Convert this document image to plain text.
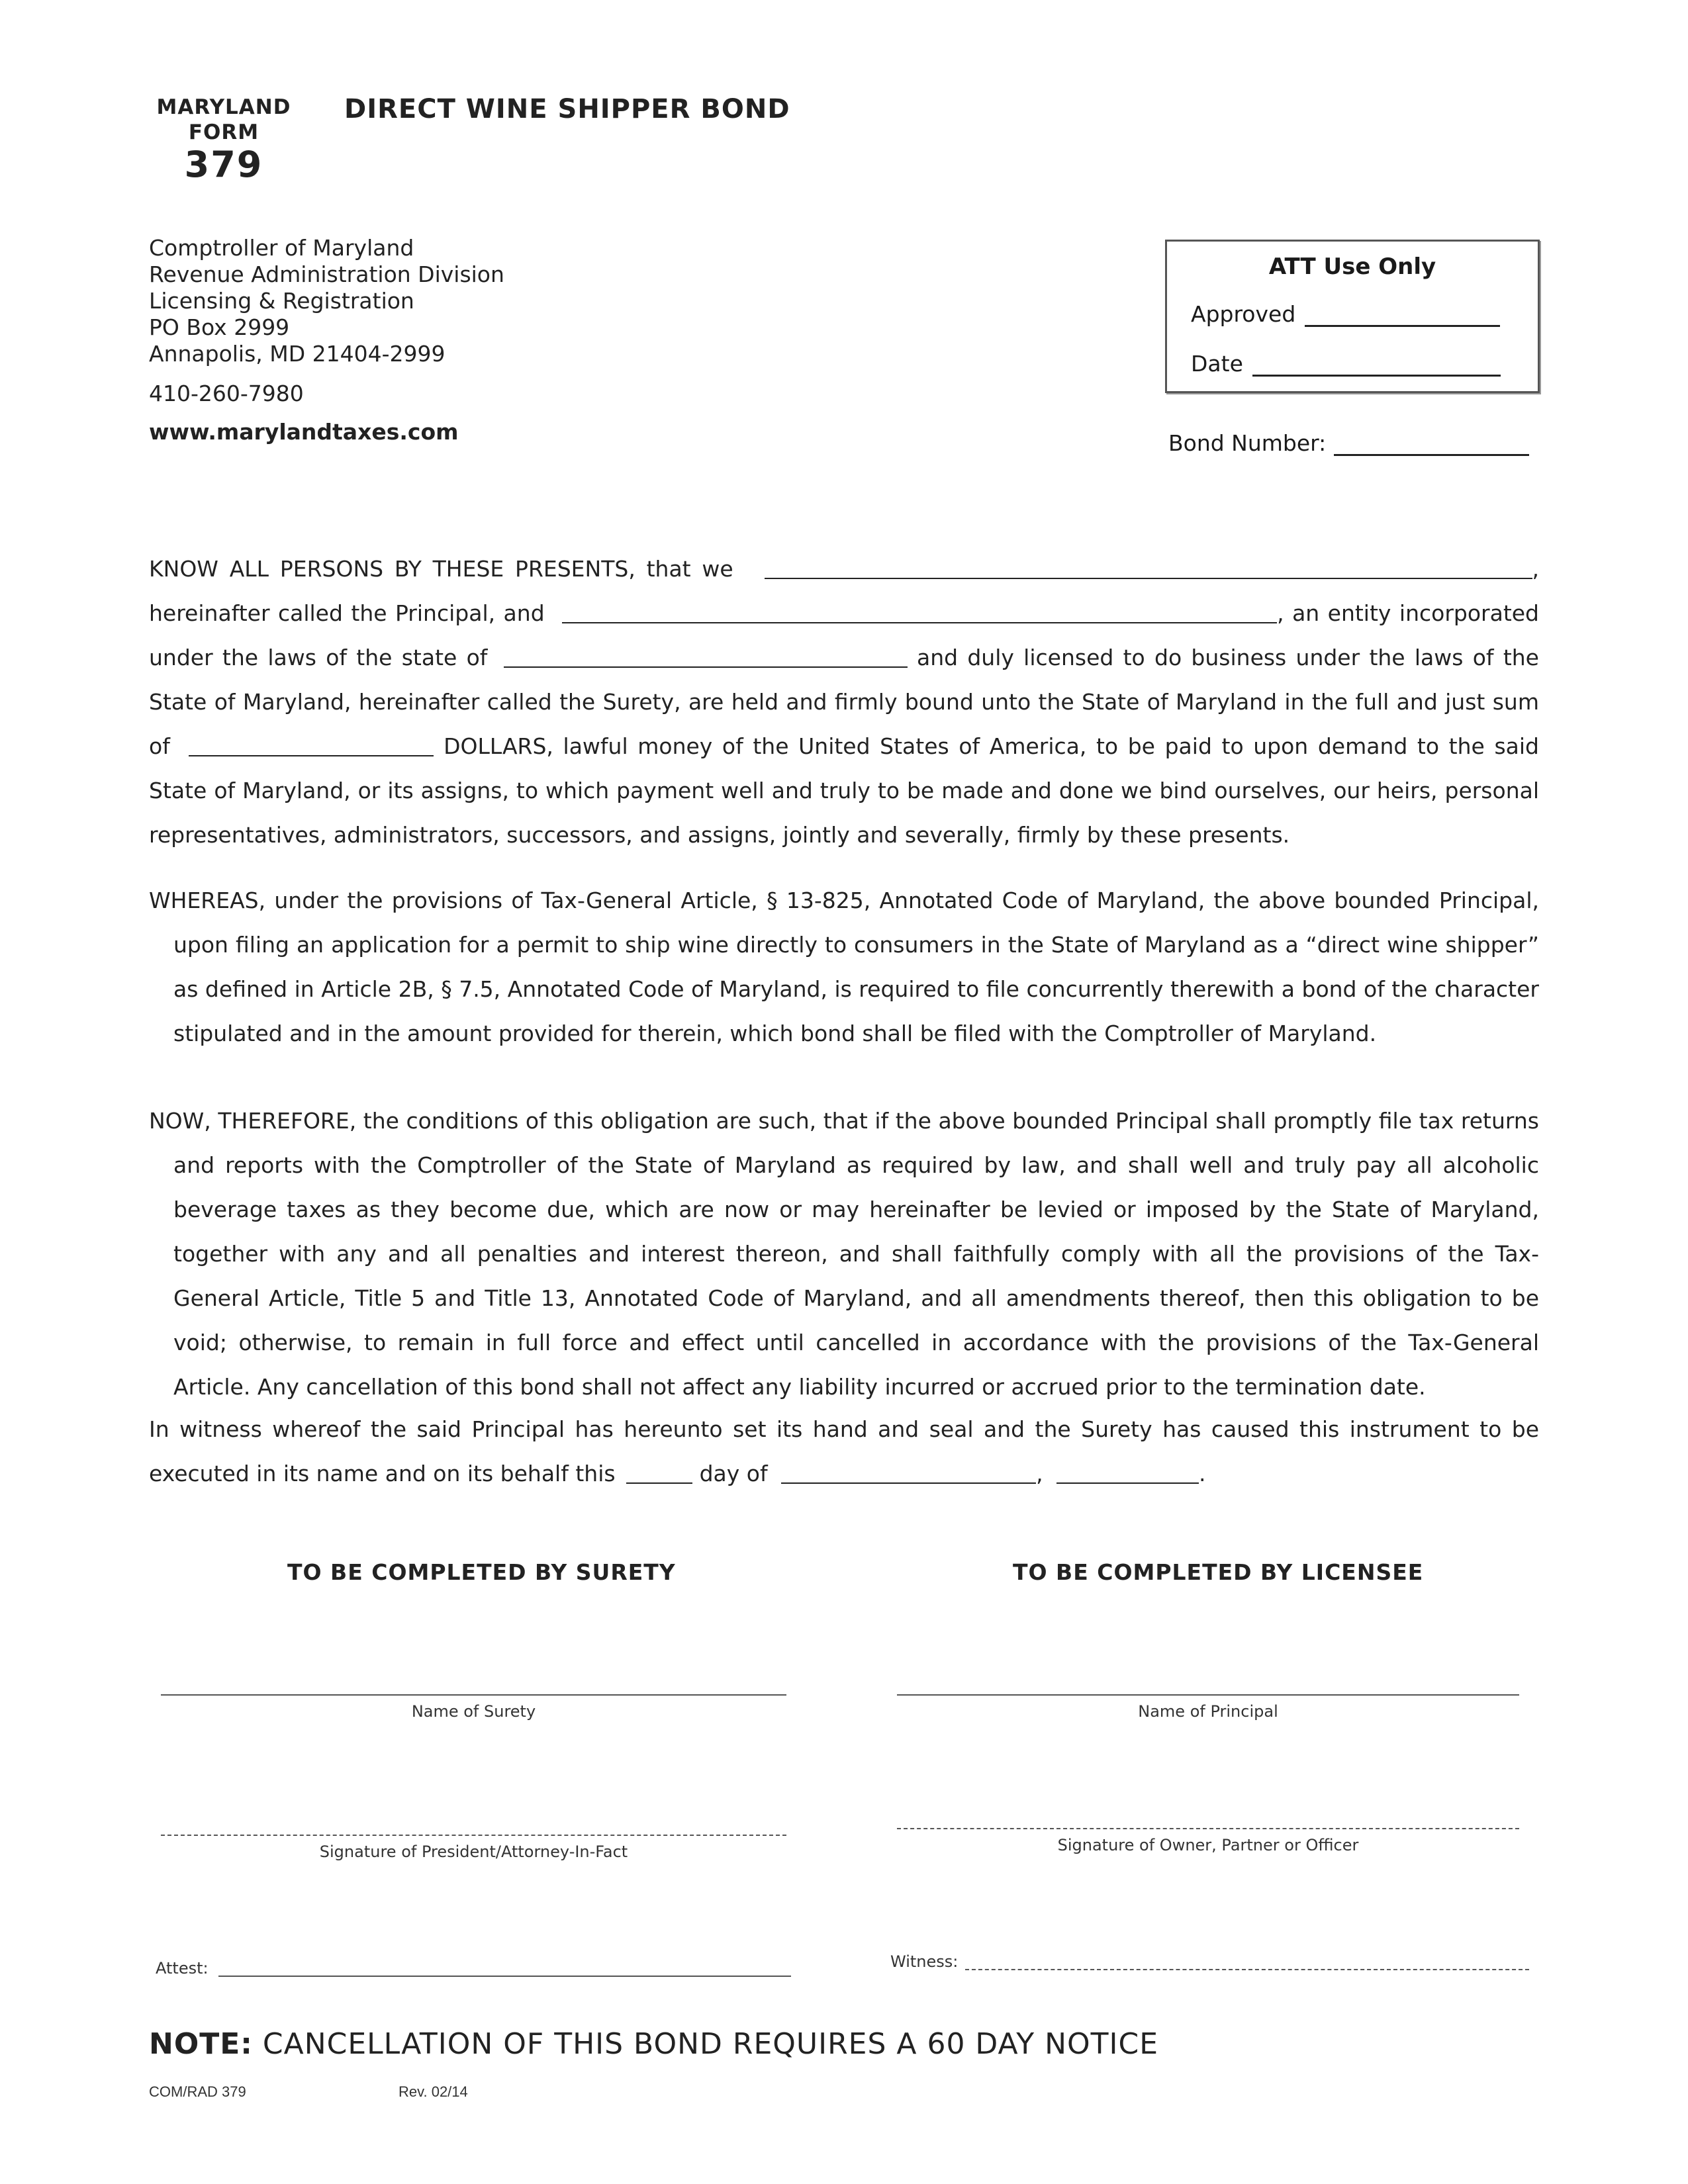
MARYLAND
FORM
379
DIRECT WINE SHIPPER BOND
Comptroller of Maryland
Revenue Administration Division
Licensing & Registration
PO Box 2999
Annapolis, MD 21404-2999
410-260-7980
www.marylandtaxes.com
ATT Use Only
Approved
Date
Bond Number:
KNOW ALL PERSONS BY THESE PRESENTS, that we	, hereinafter called the Principal, and	, an entity incorporated under the laws of the state of	and duly licensed to do business under the laws of the State of Maryland, hereinafter called the Surety, are held and firmly bound unto the State of Maryland in the full and just sum of	DOLLARS, lawful money of the United States of America, to be paid to upon demand to the said State of Maryland, or its assigns, to which payment well and truly to be made and done we bind ourselves, our heirs, personal representatives, administrators, successors, and assigns, jointly and severally, firmly by these presents.
WHEREAS, under the provisions of Tax-General Article, § 13-825, Annotated Code of Maryland, the above bounded Principal, upon filing an application for a permit to ship wine directly to consumers in the State of Maryland as a “direct wine shipper” as defined in Article 2B, § 7.5, Annotated Code of Maryland, is required to file concurrently therewith a bond of the character stipulated and in the amount provided for therein, which bond shall be filed with the Comptroller of Maryland.
NOW, THEREFORE, the conditions of this obligation are such, that if the above bounded Principal shall promptly file tax returns and reports with the Comptroller of the State of Maryland as required by law, and shall well and truly pay all alcoholic beverage taxes as they become due, which are now or may hereinafter be levied or imposed by the State of Maryland, together with any and all penalties and interest thereon, and shall faithfully comply with all the provisions of the Tax-General Article, Title 5 and Title 13, Annotated Code of Maryland, and all amendments thereof, then this obligation to be void; otherwise, to remain in full force and effect until cancelled in accordance with the provisions of the Tax-General Article. Any cancellation of this bond shall not affect any liability incurred or accrued prior to the termination date.
In witness whereof the said Principal has hereunto set its hand and seal and the Surety has caused this instrument to be executed in its name and on its behalf this	day of	,	.
TO BE COMPLETED BY SURETY	TO BE COMPLETED BY LICENSEE
Name of Surety
Signature of President/Attorney-In-Fact
Attest:
Name of Principal
Signature of Owner, Partner or Officer
Witness:
NOTE: CANCELLATION OF THIS BOND REQUIRES A 60 DAY NOTICE
COM/RAD 379	Rev. 02/14
